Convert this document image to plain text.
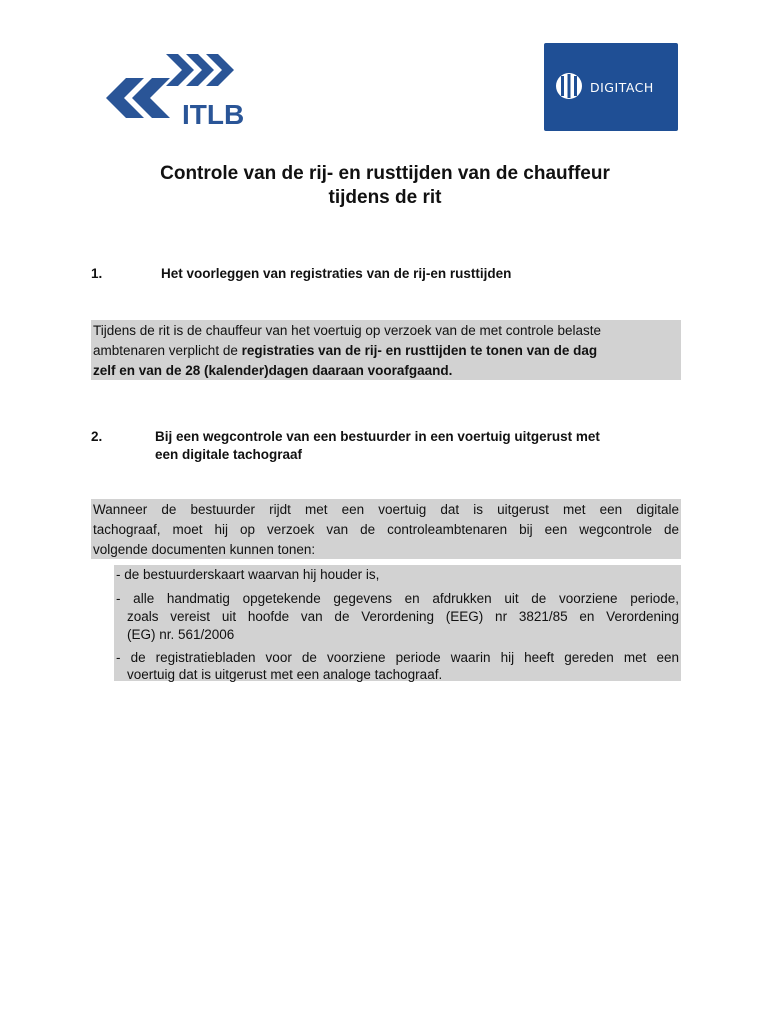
ITLB
DIGITACH
Controle van de rij- en rusttijden van de chauffeur
tijdens de rit
1.	Het voorleggen van registraties van de rij-en rusttijden
Tijdens de rit is de chauffeur van het voertuig op verzoek van de met controle belaste
ambtenaren verplicht de registraties van de rij- en rusttijden te tonen van de dag
zelf en van de 28 (kalender)dagen daaraan voorafgaand.
2.	Bij een wegcontrole van een bestuurder in een voertuig uitgerust met
een digitale tachograaf
Wanneer de bestuurder rijdt met een voertuig dat is uitgerust met een digitale
tachograaf, moet hij op verzoek van de controleambtenaren bij een wegcontrole de
volgende documenten kunnen tonen:
- de bestuurderskaart waarvan hij houder is,
- alle handmatig opgetekende gegevens en afdrukken uit de voorziene periode,
zoals vereist uit hoofde van de Verordening (EEG) nr 3821/85 en Verordening
(EG) nr. 561/2006
- de registratiebladen voor de voorziene periode waarin hij heeft gereden met een
voertuig dat is uitgerust met een analoge tachograaf.
